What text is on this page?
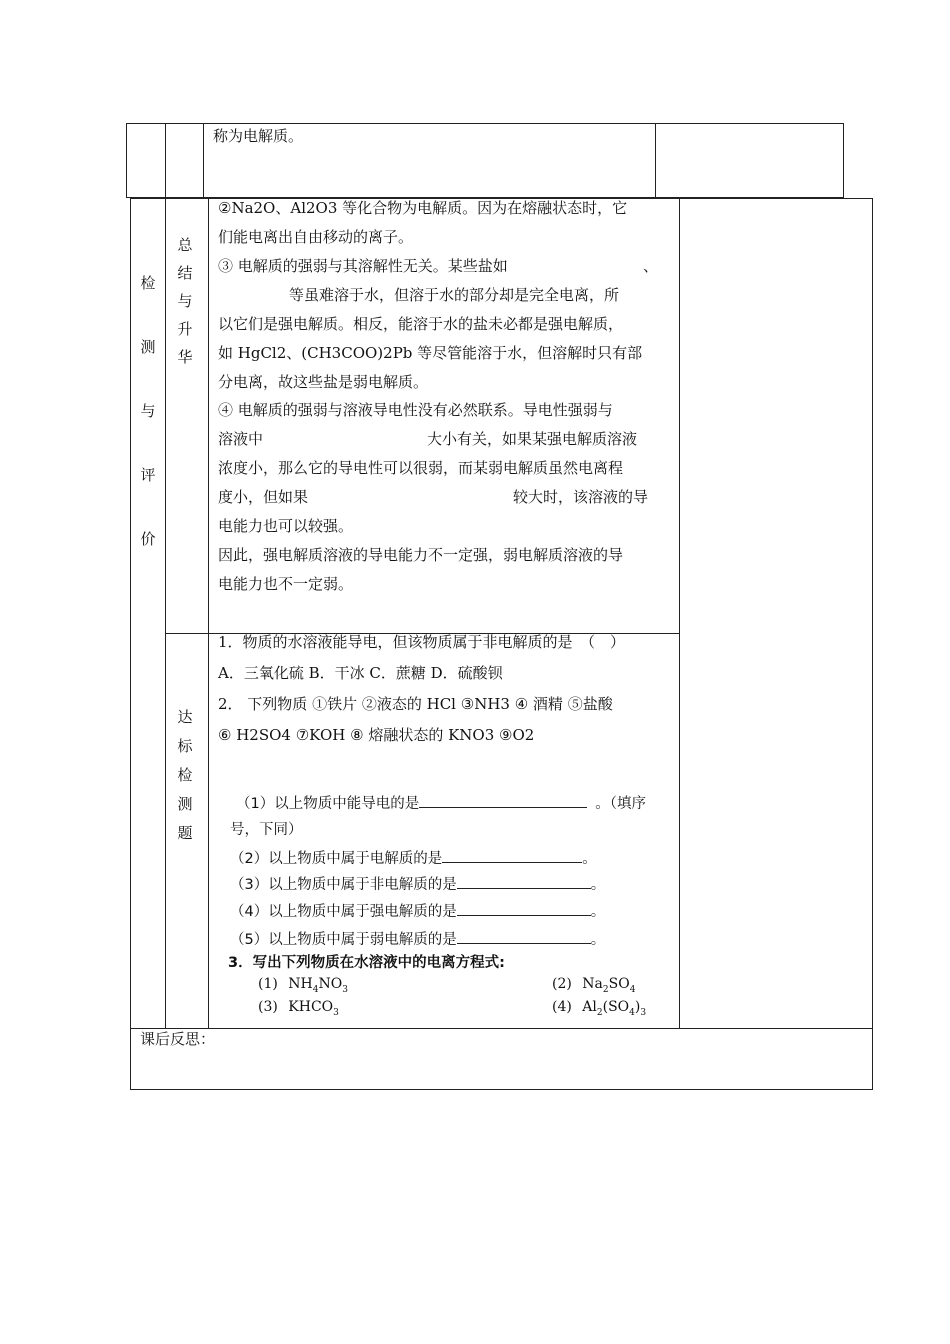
称为电解质。
检
测
与
评
价
总
结
与
升
华
②Na2O、Al2O3 等化合物为电解质。因为在熔融状态时，它
们能电离出自由移动的离子。
③ 电解质的强弱与其溶解性无关。某些盐如	、
等虽难溶于水，但溶于水的部分却是完全电离，所
以它们是强电解质。相反，能溶于水的盐未必都是强电解质，
如 HgCl2、(CH3COO)2Pb 等尽管能溶于水，但溶解时只有部
分电离，故这些盐是弱电解质。
④ 电解质的强弱与溶液导电性没有必然联系。导电性强弱与
溶液中	大小有关，如果某强电解质溶液
浓度小，那么它的导电性可以很弱，而某弱电解质虽然电离程
度小，但如果	较大时，该溶液的导
电能力也可以较强。
因此，强电解质溶液的导电能力不一定强，弱电解质溶液的导
电能力也不一定弱。
达
标
检
测
题
1．物质的水溶液能导电，但该物质属于非电解质的是　（　）
A．三氧化硫 B．干冰 C．蔗糖 D．硫酸钡
2． 下列物质 ①铁片 ②液态的 HCl ③NH3 ④ 酒精 ⑤盐酸
⑥ H2SO4 ⑦KOH ⑧ 熔融状态的 KNO3 ⑨O2
（1）以上物质中能导电的是	。（填序
号，下同）
（2）以上物质中属于电解质的是	。
（3）以上物质中属于非电解质的是	。
（4）以上物质中属于强电解质的是	。
（5）以上物质中属于弱电解质的是	。
3．写出下列物质在水溶液中的电离方程式:
(1) $NH_4NO_3$	(2) $Na_2SO_4$
(3) $KHCO_3$	(4) $Al_2(SO_4)_3$
课后反思：
